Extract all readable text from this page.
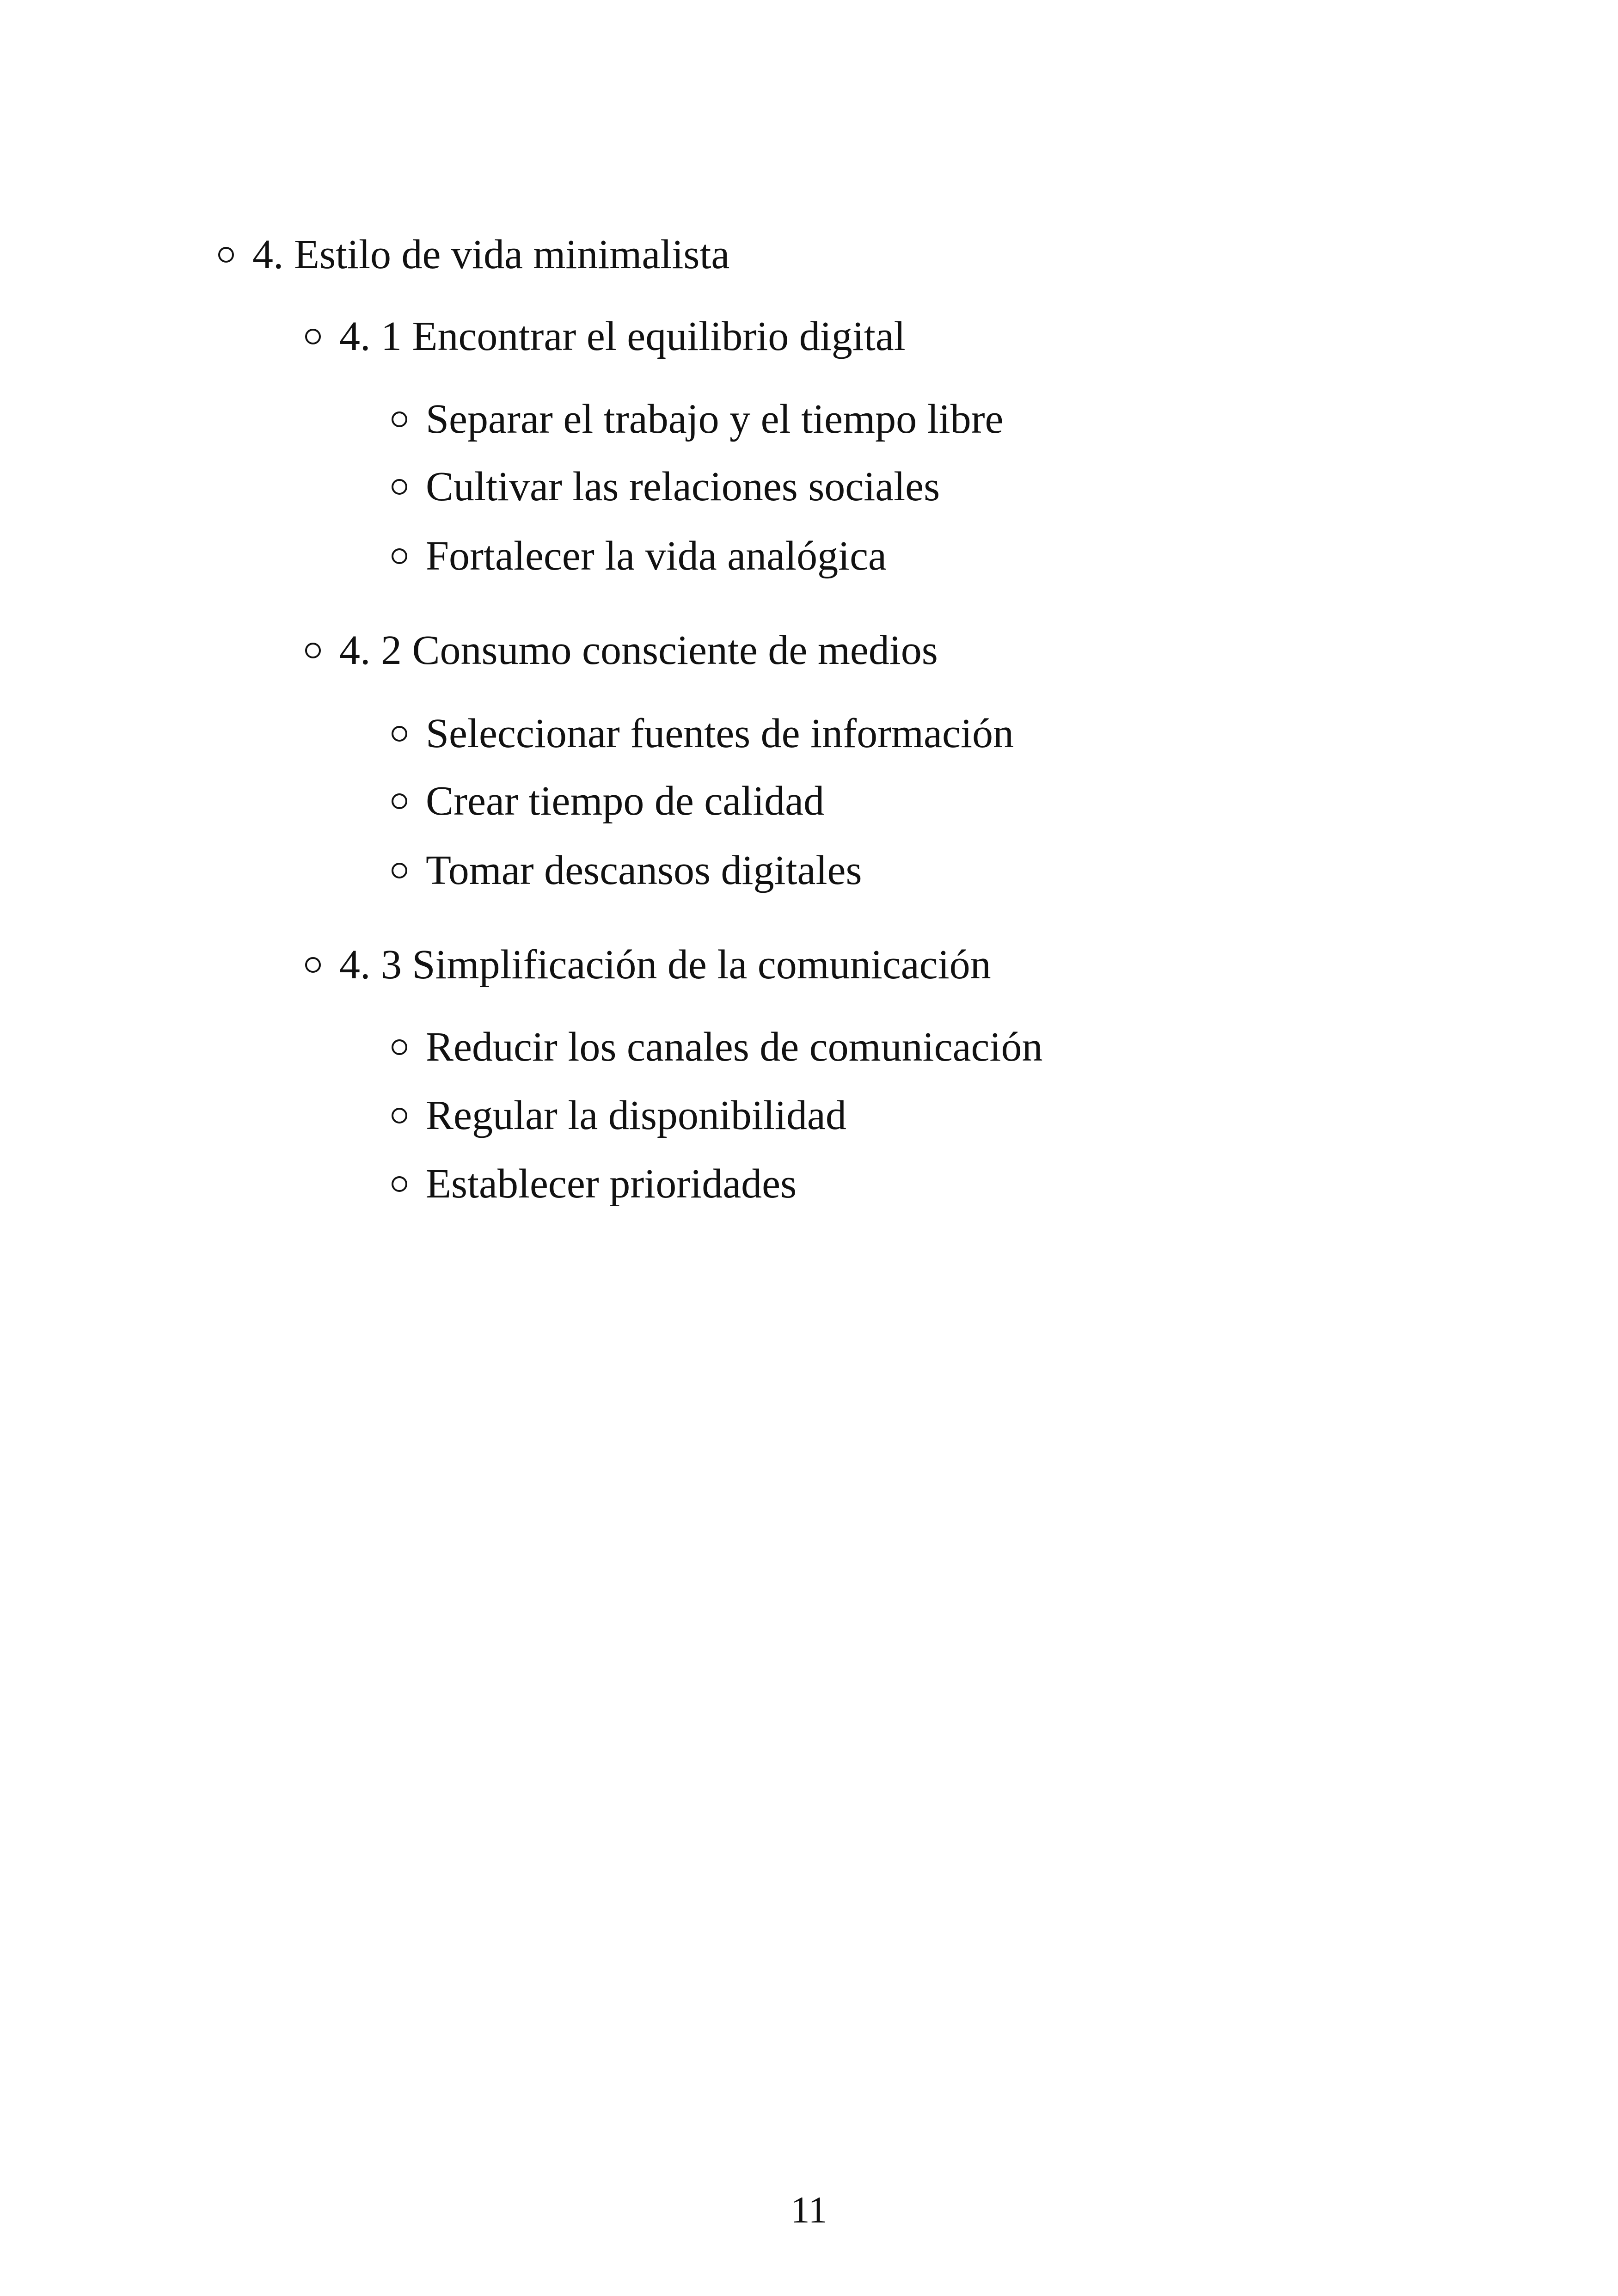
4. Estilo de vida minimalista
4. 1 Encontrar el equilibrio digital
Separar el trabajo y el tiempo libre
Cultivar las relaciones sociales
Fortalecer la vida analógica
4. 2 Consumo consciente de medios
Seleccionar fuentes de información
Crear tiempo de calidad
Tomar descansos digitales
4. 3 Simplificación de la comunicación
Reducir los canales de comunicación
Regular la disponibilidad
Establecer prioridades
11
